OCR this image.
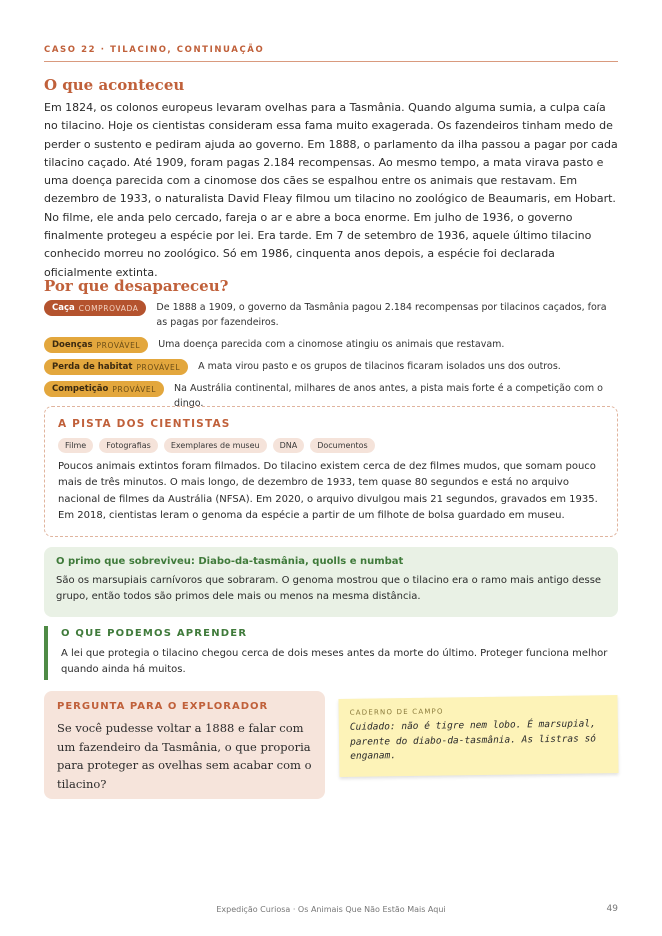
CASO 22 · TILACINO, CONTINUAÇÃO
O que aconteceu

Em 1824, os colonos europeus levaram ovelhas para a Tasmânia. Quando alguma sumia, a culpa caía no tilacino. Hoje os cientistas consideram essa fama muito exagerada. Os fazendeiros tinham medo de perder o sustento e pediram ajuda ao governo. Em 1888, o parlamento da ilha passou a pagar por cada tilacino caçado. Até 1909, foram pagas 2.184 recompensas. Ao mesmo tempo, a mata virava pasto e uma doença parecida com a cinomose dos cães se espalhou entre os animais que restavam. Em dezembro de 1933, o naturalista David Fleay filmou um tilacino no zoológico de Beaumaris, em Hobart. No filme, ele anda pelo cercado, fareja o ar e abre a boca enorme. Em julho de 1936, o governo finalmente protegeu a espécie por lei. Era tarde. Em 7 de setembro de 1936, aquele último tilacino conhecido morreu no zoológico. Só em 1986, cinquenta anos depois, a espécie foi declarada oficialmente extinta.

Por que desapareceu?
Caça COMPROVADA De 1888 a 1909, o governo da Tasmânia pagou 2.184 recompensas por tilacinos caçados, fora as pagas por fazendeiros.
Doenças PROVÁVEL Uma doença parecida com a cinomose atingiu os animais que restavam.
Perda de habitat PROVÁVEL A mata virou pasto e os grupos de tilacinos ficaram isolados uns dos outros.
Competição PROVÁVEL Na Austrália continental, milhares de anos antes, a pista mais forte é a competição com o dingo.
A PISTA DOS CIENTISTAS
Filme	Fotografias	Exemplares de museu	DNA	Documentos

Poucos animais extintos foram filmados. Do tilacino existem cerca de dez filmes mudos, que somam pouco mais de três minutos. O mais longo, de dezembro de 1933, tem quase 80 segundos e está no arquivo nacional de filmes da Austrália (NFSA). Em 2020, o arquivo divulgou mais 21 segundos, gravados em 1935. Em 2018, cientistas leram o genoma da espécie a partir de um filhote de bolsa guardado em museu.

O primo que sobreviveu: Diabo-da-tasmânia, quolls e numbat

São os marsupiais carnívoros que sobraram. O genoma mostrou que o tilacino era o ramo mais antigo desse grupo, então todos são primos dele mais ou menos na mesma distância.

O QUE PODEMOS APRENDER

A lei que protegia o tilacino chegou cerca de dois meses antes da morte do último. Proteger funciona melhor quando ainda há muitos.

PERGUNTA PARA O EXPLORADOR

Se você pudesse voltar a 1888 e falar com um fazendeiro da Tasmânia, o que proporia para proteger as ovelhas sem acabar com o tilacino?

CADERNO DE CAMPO

Cuidado: não é tigre nem lobo. É marsupial, parente do diabo-da-tasmânia. As listras só enganam.

Expedição Curiosa · Os Animais Que Não Estão Mais Aqui	49
